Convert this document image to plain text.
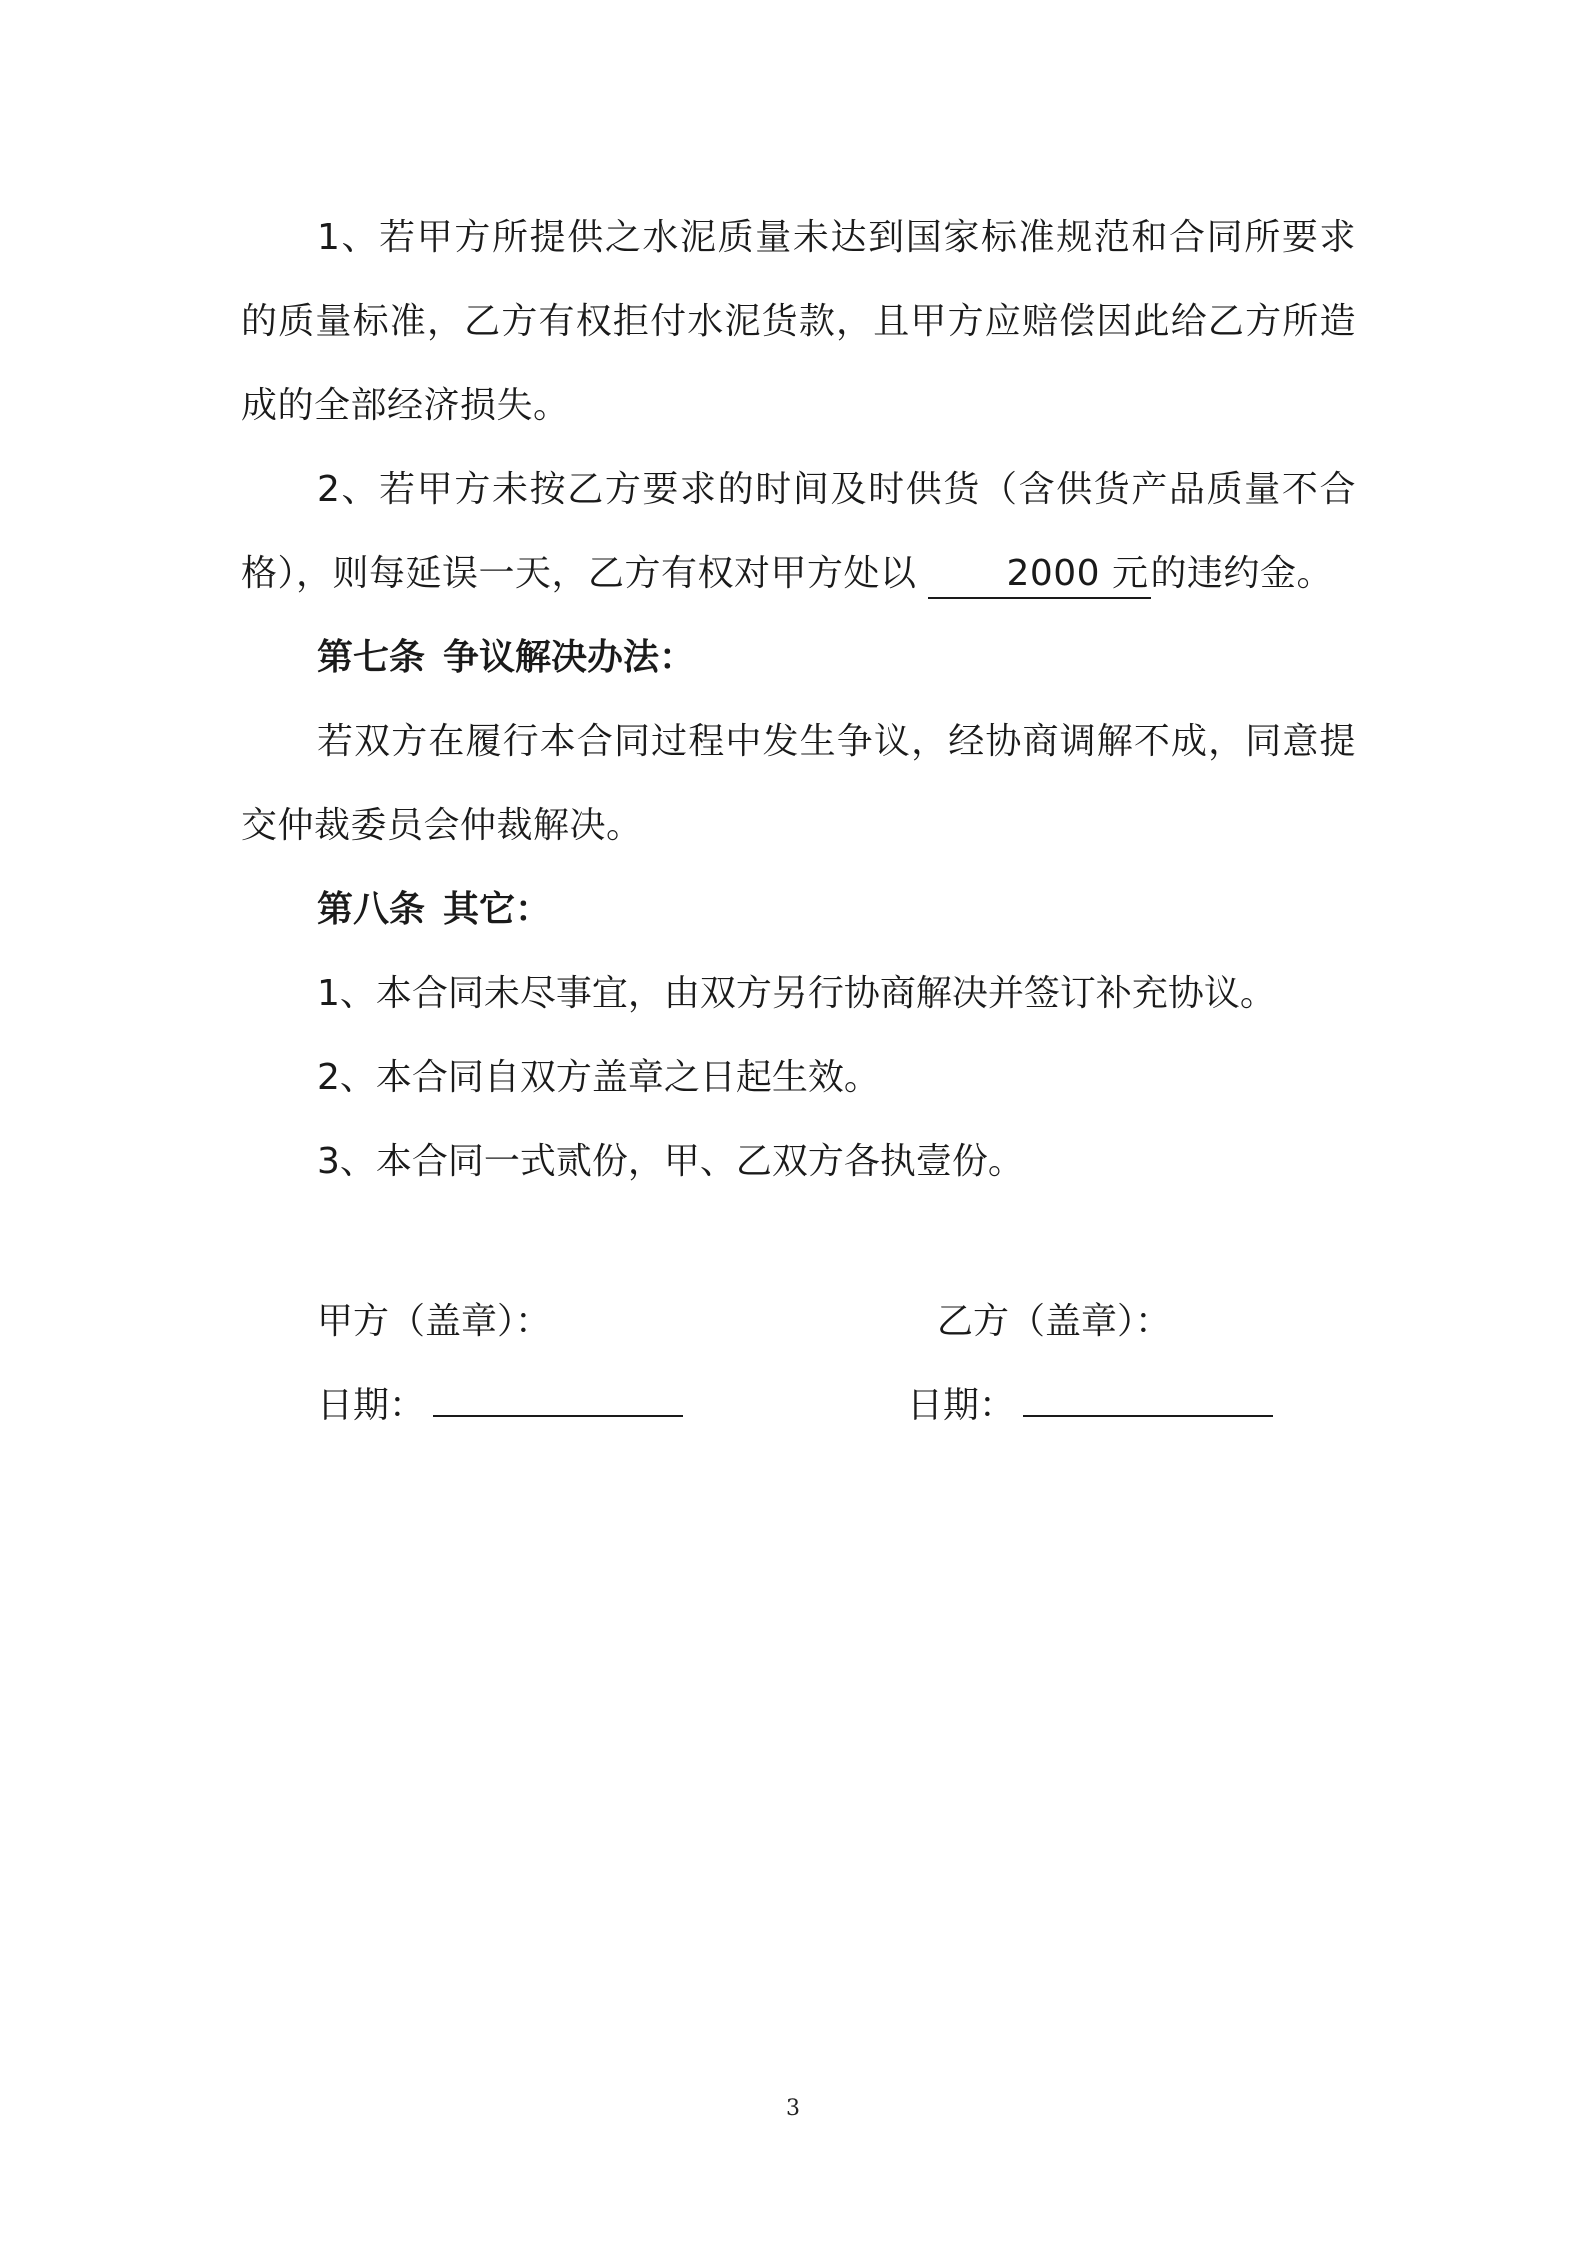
1、若甲方所提供之水泥质量未达到国家标准规范和合同所要求的质量标准，乙方有权拒付水泥货款，且甲方应赔偿因此给乙方所造成的全部经济损失。

2、若甲方未按乙方要求的时间及时供货（含供货产品质量不合格），则每延误一天，乙方有权对甲方处以 2000 元的违约金。

第七条 争议解决办法：

若双方在履行本合同过程中发生争议，经协商调解不成，同意提交仲裁委员会仲裁解决。

第八条 其它：

1、本合同未尽事宜，由双方另行协商解决并签订补充协议。

2、本合同自双方盖章之日起生效。

3、本合同一式贰份，甲、乙双方各执壹份。

甲方（盖章）：	乙方（盖章）：
日期：	日期：
3
